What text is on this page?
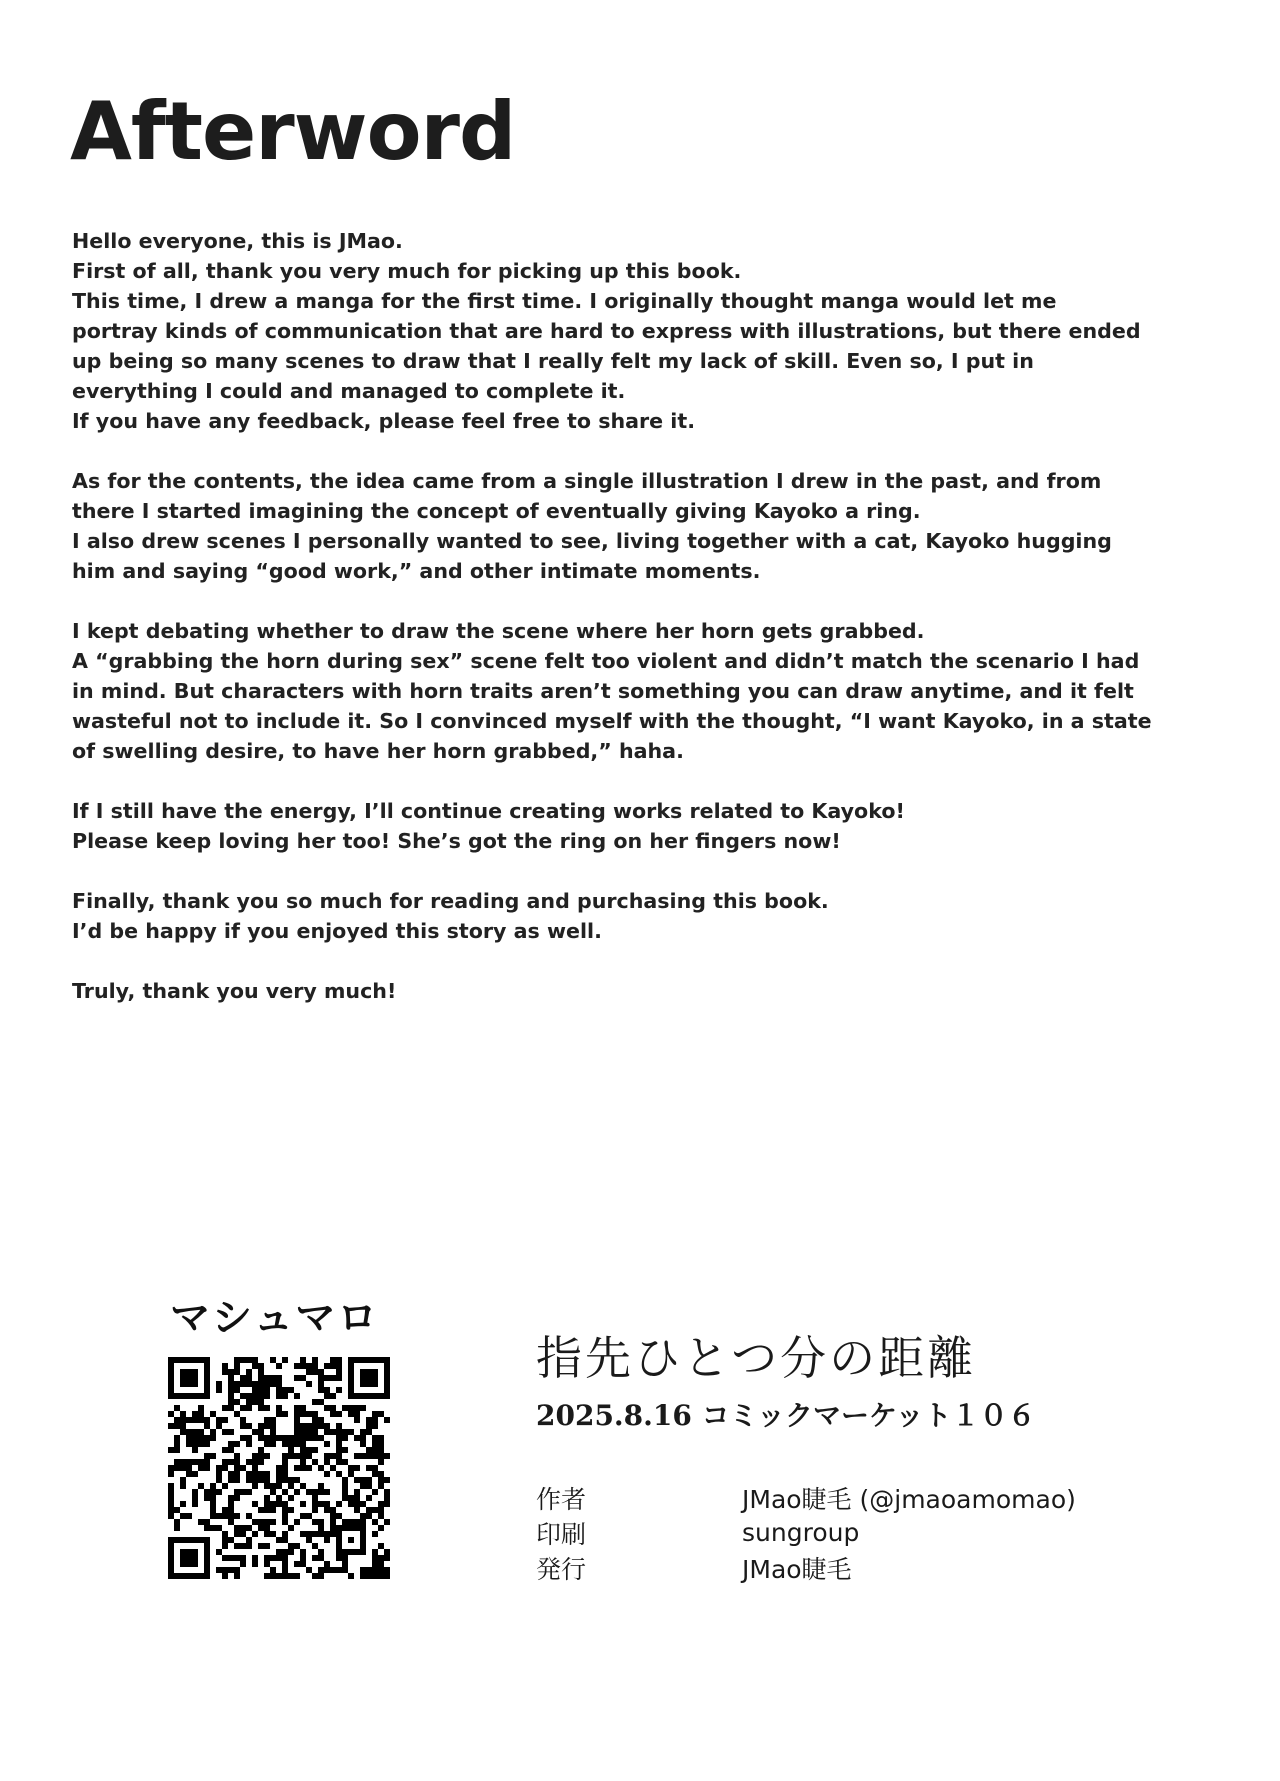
Afterword

Hello everyone, this is JMao.
First of all, thank you very much for picking up this book.
This time, I drew a manga for the first time. I originally thought manga would let me
portray kinds of communication that are hard to express with illustrations, but there ended
up being so many scenes to draw that I really felt my lack of skill. Even so, I put in
everything I could and managed to complete it.
If you have any feedback, please feel free to share it.

As for the contents, the idea came from a single illustration I drew in the past, and from
there I started imagining the concept of eventually giving Kayoko a ring.
I also drew scenes I personally wanted to see, living together with a cat, Kayoko hugging
him and saying “good work,” and other intimate moments.

I kept debating whether to draw the scene where her horn gets grabbed.
A “grabbing the horn during sex” scene felt too violent and didn’t match the scenario I had
in mind. But characters with horn traits aren’t something you can draw anytime, and it felt
wasteful not to include it. So I convinced myself with the thought, “I want Kayoko, in a state
of swelling desire, to have her horn grabbed,” haha.

If I still have the energy, I’ll continue creating works related to Kayoko!
Please keep loving her too! She’s got the ring on her fingers now!

Finally, thank you so much for reading and purchasing this book.
I’d be happy if you enjoyed this story as well.

Truly, thank you very much!

マシュマロ
指先ひとつ分の距離
2025.8.16 コミックマーケット１０６
作者	JMao睫毛 (@jmaoamomao)
印刷	sungroup
発行	JMao睫毛
